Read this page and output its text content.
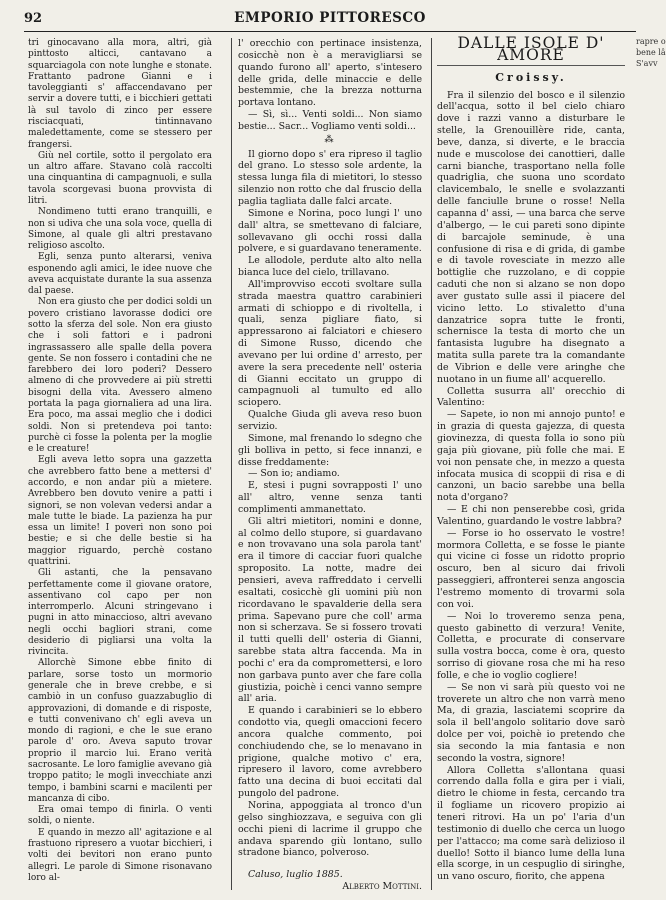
92	EMPORIO PITTORESCO

tri ginocavano alla mora, altri, già pinttosto alticci, cantavano a squarciagola con note lunghe e stonate. Frattanto padrone Gianni e i tavoleggianti s' affaccendavano per servir a dovere tutti, e i bicchieri gettati là sul tavolo di zinco per essere risciacquati, tintinnavano maledettamente, come se stessero per frangersi.

Giù nel cortile, sotto il pergolato era un altro affare. Stavano colà raccolti una cinquantina di campagnuoli, e sulla tavola scorgevasi buona provvista di litri.

Nondimeno tutti erano tranquilli, e non si udiva che una sola voce, quella di Simone, al quale gli altri prestavano religioso ascolto.

Egli, senza punto alterarsi, veniva esponendo agli amici, le idee nuove che aveva acquistate durante la sua assenza dal paese.

Non era giusto che per dodici soldi un povero cristiano lavorasse dodici ore sotto la sferza del sole. Non era giusto che i soli fattori e i padroni ingrassassero alle spalle della povera gente. Se non fossero i contadini che ne farebbero dei loro poderi? Dessero almeno di che provvedere ai più stretti bisogni della vita. Avessero almeno portata la paga giornaliera ad una lira. Era poco, ma assai meglio che i dodici soldi. Non si pretendeva poi tanto: purchè ci fosse la polenta per la moglie e le creature!

Egli aveva letto sopra una gazzetta che avrebbero fatto bene a mettersi d' accordo, e non andar più a mietere. Avrebbero ben dovuto venire a patti i signori, se non volevan vedersi andar a male tutte le biade. La pazienza ha pur essa un limite! I poveri non sono poi bestie; e si che delle bestie si ha maggior riguardo, perchè costano quattrini.

Gli astanti, che la pensavano perfettamente come il giovane oratore, assentivano col capo per non interromperlo. Alcuni stringevano i pugni in atto minaccioso, altri avevano negli occhi bagliori strani, come desiderio di pigliarsi una volta la rivincita.

Allorchè Simone ebbe finito di parlare, sorse tosto un mormorio generale che in breve crebbe, e si cambiò in un confuso guazzabuglio di approvazioni, di domande e di risposte, e tutti convenivano ch' egli aveva un mondo di ragioni, e che le sue erano parole d' oro. Aveva saputo trovar proprio il marcio lui. Erano verità sacrosante. Le loro famiglie avevano già troppo patito; le mogli invecchiate anzi tempo, i bambini scarni e macilenti per mancanza di cibo.

Era omai tempo di finirla. O venti soldi, o niente.

E quando in mezzo all' agitazione e al frastuono ripresero a vuotar bicchieri, i volti dei bevitori non erano punto allegri. Le parole di Simone risonavano loro al-

l' orecchio con pertinace insistenza, cosicchè non è a meravigliarsi se quando furono all' aperto, s'intesero delle grida, delle minaccie e delle bestemmie, che la brezza notturna portava lontano.

— Sì, sì... Venti soldi... Non siamo bestie... Sacr... Vogliamo venti soldi...

⁂

Il giorno dopo s' era ripreso il taglio del grano. Lo stesso sole ardente, la stessa lunga fila di mietitori, lo stesso silenzio non rotto che dal fruscio della paglia tagliata dalle falci arcate.

Simone e Norina, poco lungi l' uno dall' altra, se smettevano di falciare, sollevavano gli occhi rossi dalla polvere, e si guardavano teneramente.

Le allodole, perdute alto alto nella bianca luce del cielo, trillavano.

All'improvviso eccoti svoltare sulla strada maestra quattro carabinieri armati di schioppo e di rivoltella, i quali, senza pigliare fiato, si appressarono ai falciatori e chiesero di Simone Russo, dicendo che avevano per lui ordine d' arresto, per avere la sera precedente nell' osteria di Gianni eccitato un gruppo di campagnuoli al tumulto ed allo sciopero.

Qualche Giuda gli aveva reso buon servizio.

Simone, mal frenando lo sdegno che gli bolliva in petto, si fece innanzi, e disse freddamente:

— Son io; andiamo.

E, stesi i pugni sovrapposti l' uno all' altro, venne senza tanti complimenti ammanettato.

Gli altri mietitori, nomini e donne, al colmo dello stupore, si guardavano e non trovavano una sola parola tant' era il timore di cacciar fuori qualche sproposito. La notte, madre dei pensieri, aveva raffreddato i cervelli esaltati, cosicchè gli uomini più non ricordavano le spavalderie della sera prima. Sapevano pure che coll' arma non si scherzava. Se si fossero trovati il tutti quelli dell' osteria di Gianni, sarebbe stata altra faccenda. Ma in pochi c' era da compromettersi, e loro non garbava punto aver che fare colla giustizia, poichè i cenci vanno sempre all' aria.

E quando i carabinieri se lo ebbero condotto via, quegli omaccioni fecero ancora qualche commento, poi conchiudendo che, se lo menavano in prigione, qualche motivo c' era, ripresero il lavoro, come avrebbero fatto una decina di buoi eccitati dal pungolo del padrone.

Norina, appoggiata al tronco d'un gelso singhiozzava, e seguiva con gli occhi pieni di lacrime il gruppo che andava sparendo giù lontano, sullo stradone bianco, polveroso.

Caluso, luglio 1885.
Alberto Mottini.

DALLE ISOLE D' AMORE
Croissy.

Fra il silenzio del bosco e il silenzio dell'acqua, sotto il bel cielo chiaro dove i razzi vanno a disturbare le stelle, la Grenouillère ride, canta, beve, danza, si diverte, e le braccia nude e muscolose dei canottieri, dalle carni bianche, trasportano nella folle quadriglia, che suona uno scordato clavicembalo, le snelle e svolazzanti delle fanciulle brune o rosse! Nella capanna d' assi, — una barca che serve d'albergo, — le cui pareti sono dipinte di barcajole seminude, è una confusione di risa e di grida, di gambe e di tavole rovesciate in mezzo alle bottiglie che ruzzolano, e di coppie caduti che non si alzano se non dopo aver gustato sulle assi il piacere del vicino letto. Lo stivaletto d'una danzatrice sopra tutte le fronti, schernisce la testa di morto che un fantasista lugubre ha disegnato a matita sulla parete tra la comandante de Vibrion e delle vere aringhe che nuotano in un fiume all' acquerello.

Colletta susurra all' orecchio di Valentino:

— Sapete, io non mi annojo punto! e in grazia di questa gajezza, di questa giovinezza, di questa folla io sono più gaja più giovane, più folle che mai. E voi non pensate che, in mezzo a questa infocata musica di scoppii di risa e di canzoni, un bacio sarebbe una bella nota d'organo?

— E chi non penserebbe così, grida Valentino, guardando le vostre labbra?

— Forse io ho osservato le vostre! mormora Colletta, e se fosse le piante qui vicine ci fosse un ridotto proprio oscuro, ben al sicuro dai frivoli passeggieri, affronterei senza angoscia l'estremo momento di trovarmi sola con voi.

— Noi lo troveremo senza pena, questo gabinetto di verzura! Venite, Colletta, e procurate di conservare sulla vostra bocca, come è ora, questo sorriso di giovane rosa che mi ha reso folle, e che io voglio cogliere!

— Se non vi sarà più questo voi ne troverete un altro che non varrà meno Ma, di grazia, lasciatemi scoprire da sola il bell'angolo solitario dove sarò dolce per voi, poichè io pretendo che sia secondo la mia fantasia e non secondo la vostra, signore!

Allora Colletta s'allontana quasi correndo dalla folla e gira per i viali, dietro le chiome in festa, cercando tra il fogliame un ricovero propizio ai teneri ritrovi. Ha un po' l'aria d'un testimonio di duello che cerca un luogo per l'attacco; ma come sarà delizioso il duello! Sotto il bianco lume della luna ella scorge, in un cespuglio di siringhe, un vano oscuro, fiorito, che appena

rapre o
bene lâ
S'avv
